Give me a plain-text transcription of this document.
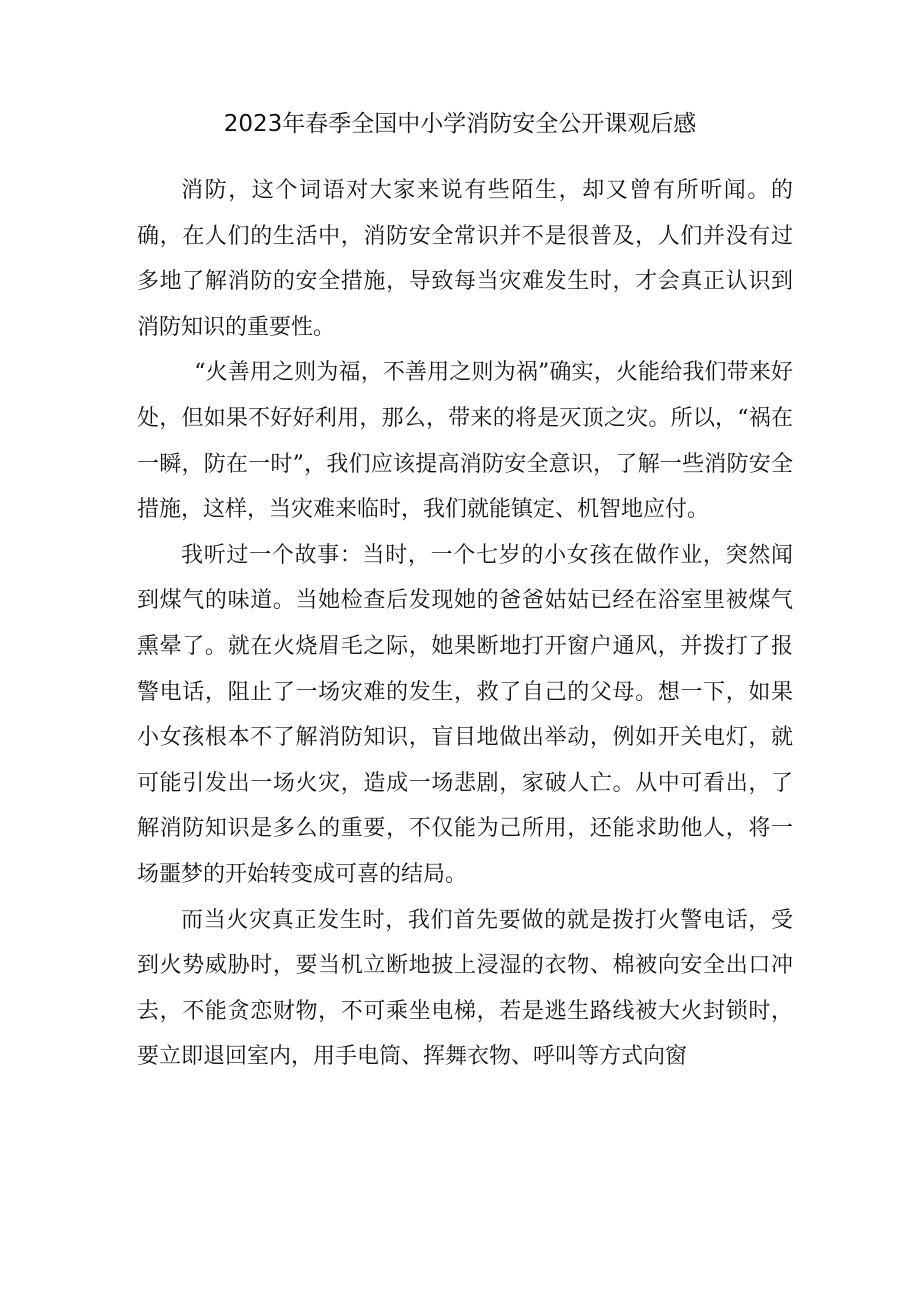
2023年春季全国中小学消防安全公开课观后感

消防，这个词语对大家来说有些陌生，却又曾有所听闻。的确，在人们的生活中，消防安全常识并不是很普及，人们并没有过多地了解消防的安全措施，导致每当灾难发生时，才会真正认识到消防知识的重要性。

“火善用之则为福，不善用之则为祸”确实，火能给我们带来好处，但如果不好好利用，那么，带来的将是灭顶之灾。所以，“祸在一瞬，防在一时”，我们应该提高消防安全意识，了解一些消防安全措施，这样，当灾难来临时，我们就能镇定、机智地应付。

我听过一个故事：当时，一个七岁的小女孩在做作业，突然闻到煤气的味道。当她检查后发现她的爸爸姑姑已经在浴室里被煤气熏晕了。就在火烧眉毛之际，她果断地打开窗户通风，并拨打了报警电话，阻止了一场灾难的发生，救了自己的父母。想一下，如果小女孩根本不了解消防知识，盲目地做出举动，例如开关电灯，就可能引发出一场火灾，造成一场悲剧，家破人亡。从中可看出，了解消防知识是多么的重要，不仅能为己所用，还能求助他人，将一场噩梦的开始转变成可喜的结局。

而当火灾真正发生时，我们首先要做的就是拨打火警电话，受到火势威胁时，要当机立断地披上浸湿的衣物、棉被向安全出口冲去，不能贪恋财物，不可乘坐电梯，若是逃生路线被大火封锁时，要立即退回室内，用手电筒、挥舞衣物、呼叫等方式向窗
